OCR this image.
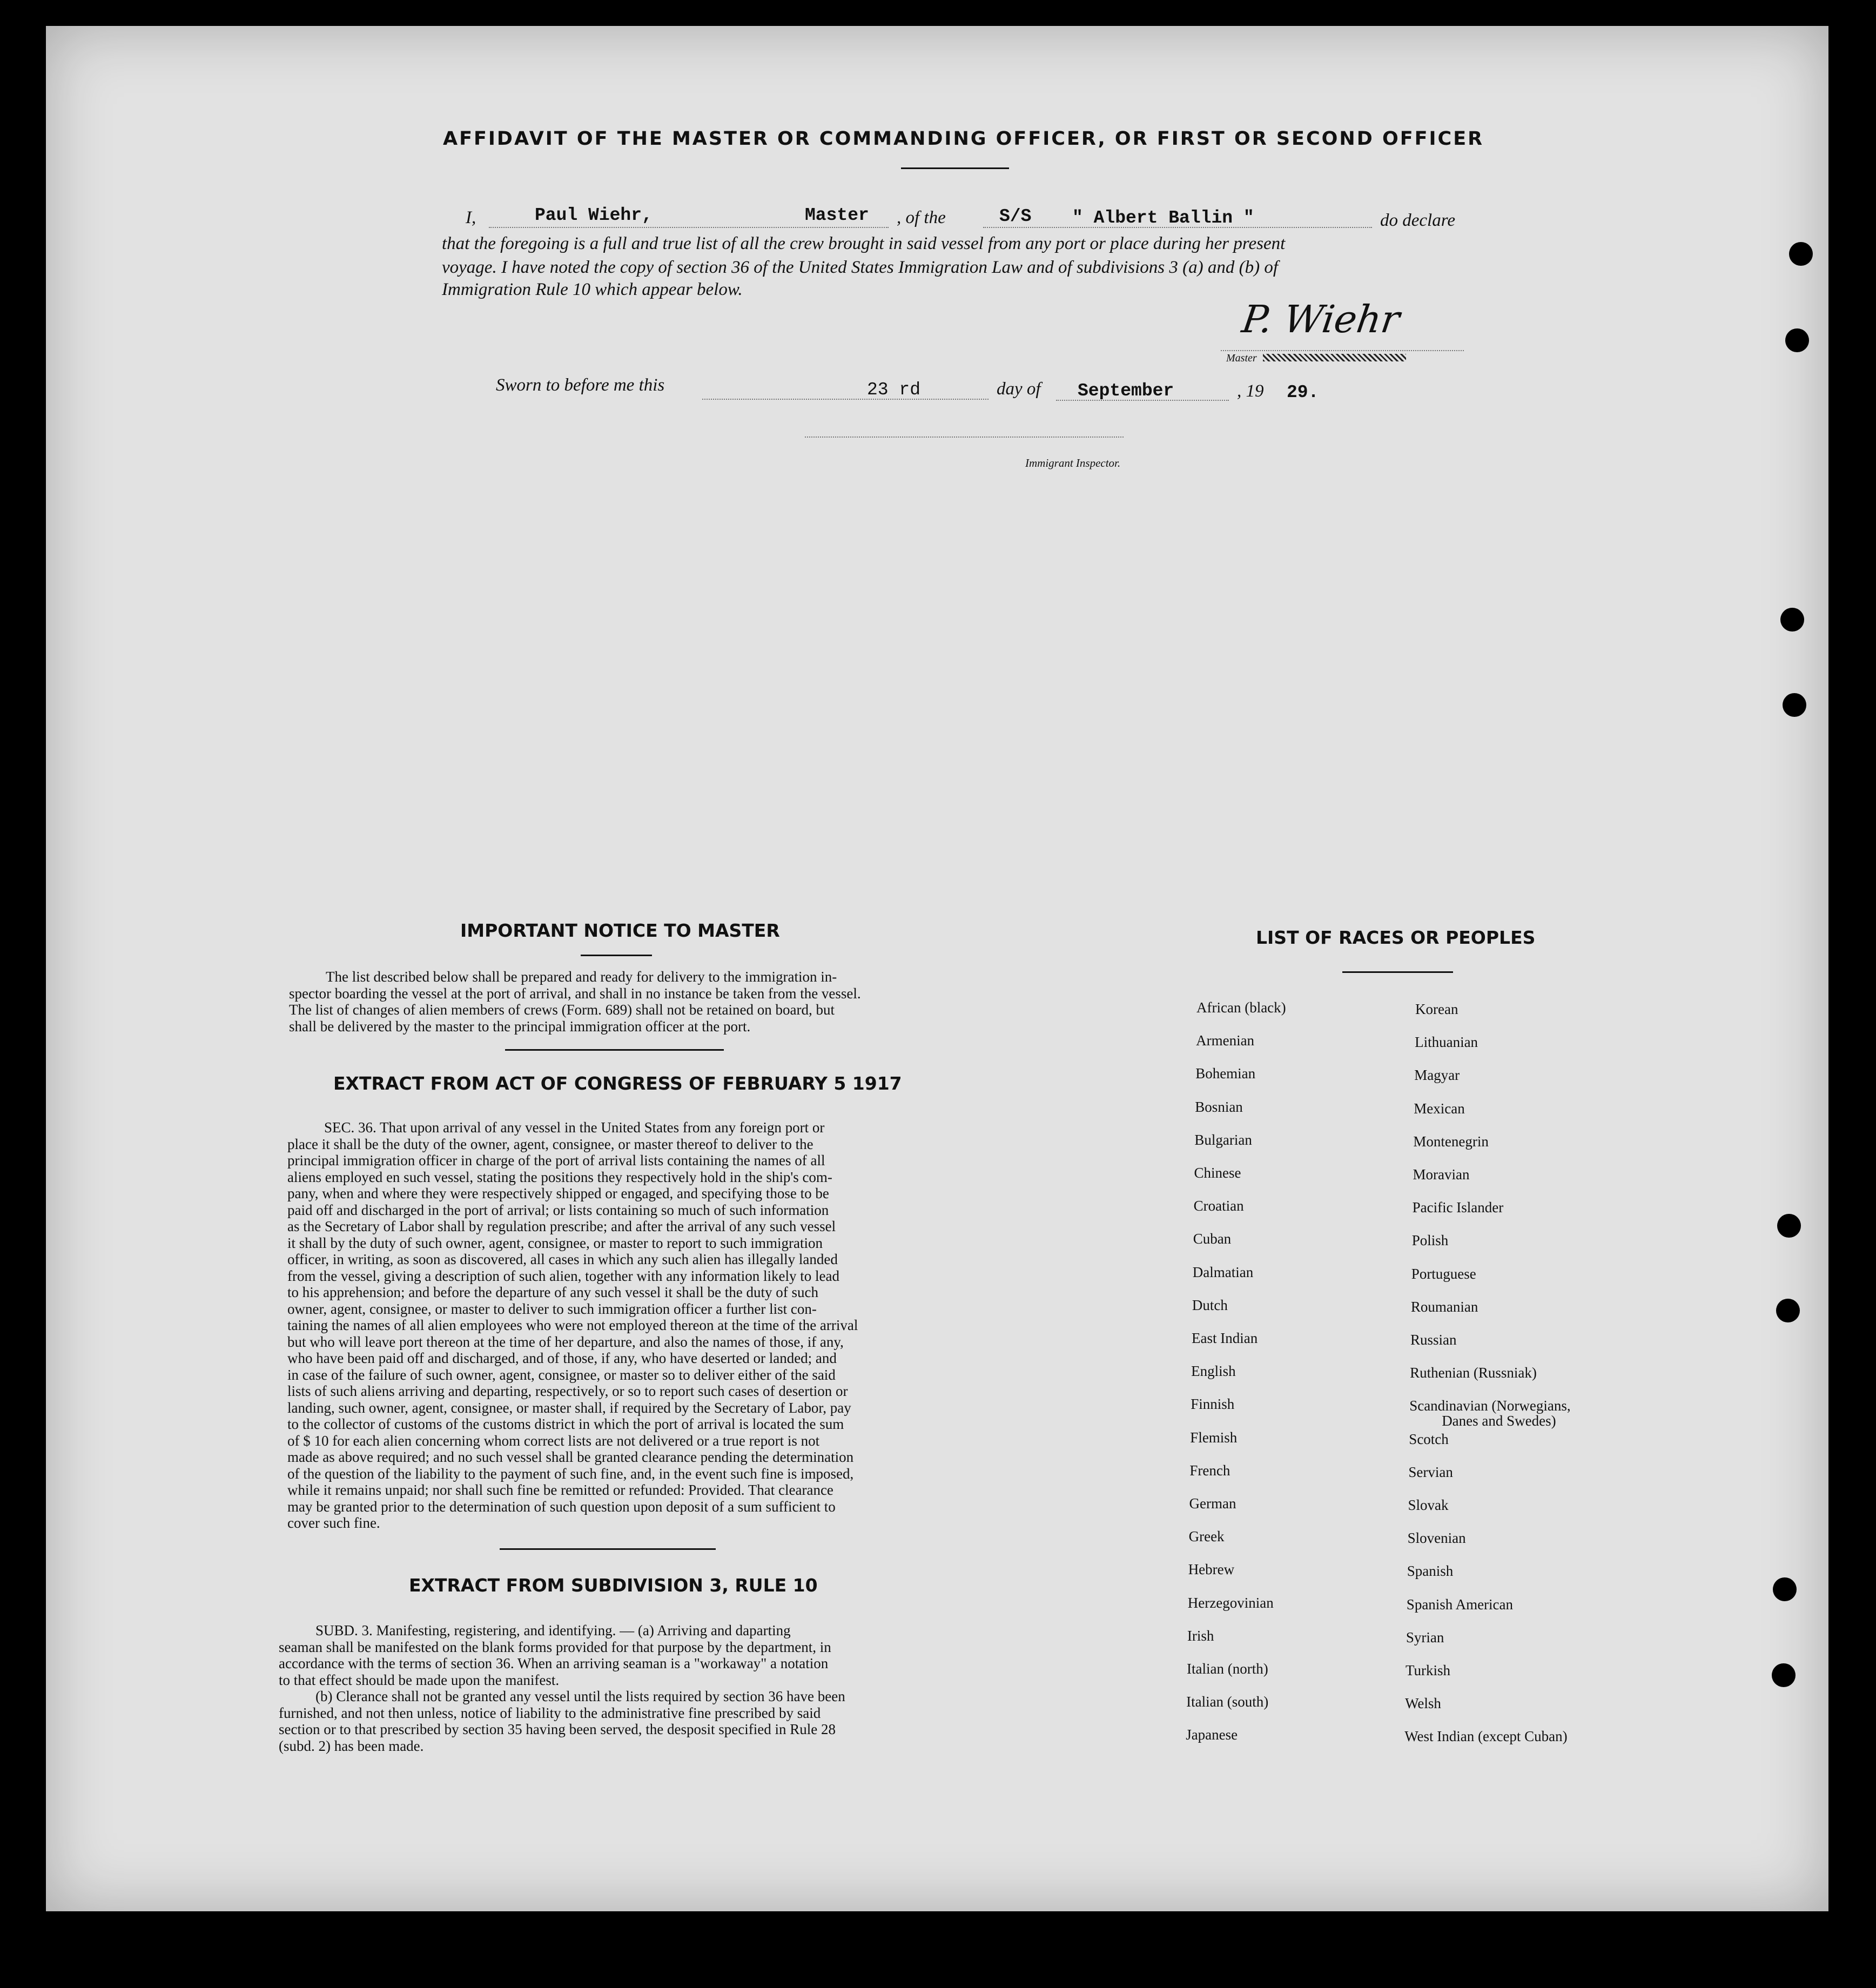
AFFIDAVIT OF THE MASTER OR COMMANDING OFFICER, OR FIRST OR SECOND OFFICER
I,	Paul Wiehr,	Master , of the	S/S " Albert Ballin "	do declare
that the foregoing is a full and true list of all the crew brought in said vessel from any port or place during her present
voyage. I have noted the copy of section 36 of the United States Immigration Law and of subdivisions 3 (a) and (b) of
Immigration Rule 10 which appear below.
P. Wiehr
Master
Sworn to before me this	23 rd	day of September	, 19 29.
Immigrant Inspector.
IMPORTANT NOTICE TO MASTER
The list described below shall be prepared and ready for delivery to the immigration in-
spector boarding the vessel at the port of arrival, and shall in no instance be taken from the vessel.
The list of changes of alien members of crews (Form. 689) shall not be retained on board, but
shall be delivered by the master to the principal immigration officer at the port.
EXTRACT FROM ACT OF CONGRESS OF FEBRUARY 5 1917
SEC. 36. That upon arrival of any vessel in the United States from any foreign port or
place it shall be the duty of the owner, agent, consignee, or master thereof to deliver to the
principal immigration officer in charge of the port of arrival lists containing the names of all
aliens employed en such vessel, stating the positions they respectively hold in the ship's com-
pany, when and where they were respectively shipped or engaged, and specifying those to be
paid off and discharged in the port of arrival; or lists containing so much of such information
as the Secretary of Labor shall by regulation prescribe; and after the arrival of any such vessel
it shall by the duty of such owner, agent, consignee, or master to report to such immigration
officer, in writing, as soon as discovered, all cases in which any such alien has illegally landed
from the vessel, giving a description of such alien, together with any information likely to lead
to his apprehension; and before the departure of any such vessel it shall be the duty of such
owner, agent, consignee, or master to deliver to such immigration officer a further list con-
taining the names of all alien employees who were not employed thereon at the time of the arrival
but who will leave port thereon at the time of her departure, and also the names of those, if any,
who have been paid off and discharged, and of those, if any, who have deserted or landed; and
in case of the failure of such owner, agent, consignee, or master so to deliver either of the said
lists of such aliens arriving and departing, respectively, or so to report such cases of desertion or
landing, such owner, agent, consignee, or master shall, if required by the Secretary of Labor, pay
to the collector of customs of the customs district in which the port of arrival is located the sum
of $ 10 for each alien concerning whom correct lists are not delivered or a true report is not
made as above required; and no such vessel shall be granted clearance pending the determination
of the question of the liability to the payment of such fine, and, in the event such fine is imposed,
while it remains unpaid; nor shall such fine be remitted or refunded: Provided. That clearance
may be granted prior to the determination of such question upon deposit of a sum sufficient to
cover such fine.
EXTRACT FROM SUBDIVISION 3, RULE 10
SUBD. 3. Manifesting, registering, and identifying. — (a) Arriving and daparting
seaman shall be manifested on the blank forms provided for that purpose by the department, in
accordance with the terms of section 36. When an arriving seaman is a "workaway" a notation
to that effect should be made upon the manifest.
(b) Clerance shall not be granted any vessel until the lists required by section 36 have been
furnished, and not then unless, notice of liability to the administrative fine prescribed by said
section or to that prescribed by section 35 having been served, the desposit specified in Rule 28
(subd. 2) has been made.
LIST OF RACES OR PEOPLES
African (black)
Armenian
Bohemian
Bosnian
Bulgarian
Chinese
Croatian
Cuban
Dalmatian
Dutch
East Indian
English
Finnish
Flemish
French
German
Greek
Hebrew
Herzegovinian
Irish
Italian (north)
Italian (south)
Japanese
Korean
Lithuanian
Magyar
Mexican
Montenegrin
Moravian
Pacific Islander
Polish
Portuguese
Roumanian
Russian
Ruthenian (Russniak)
Scandinavian (Norwegians,
Scotch
Servian
Slovak
Slovenian
Spanish
Spanish American
Syrian
Turkish
Welsh
West Indian (except Cuban)
Danes and Swedes)
